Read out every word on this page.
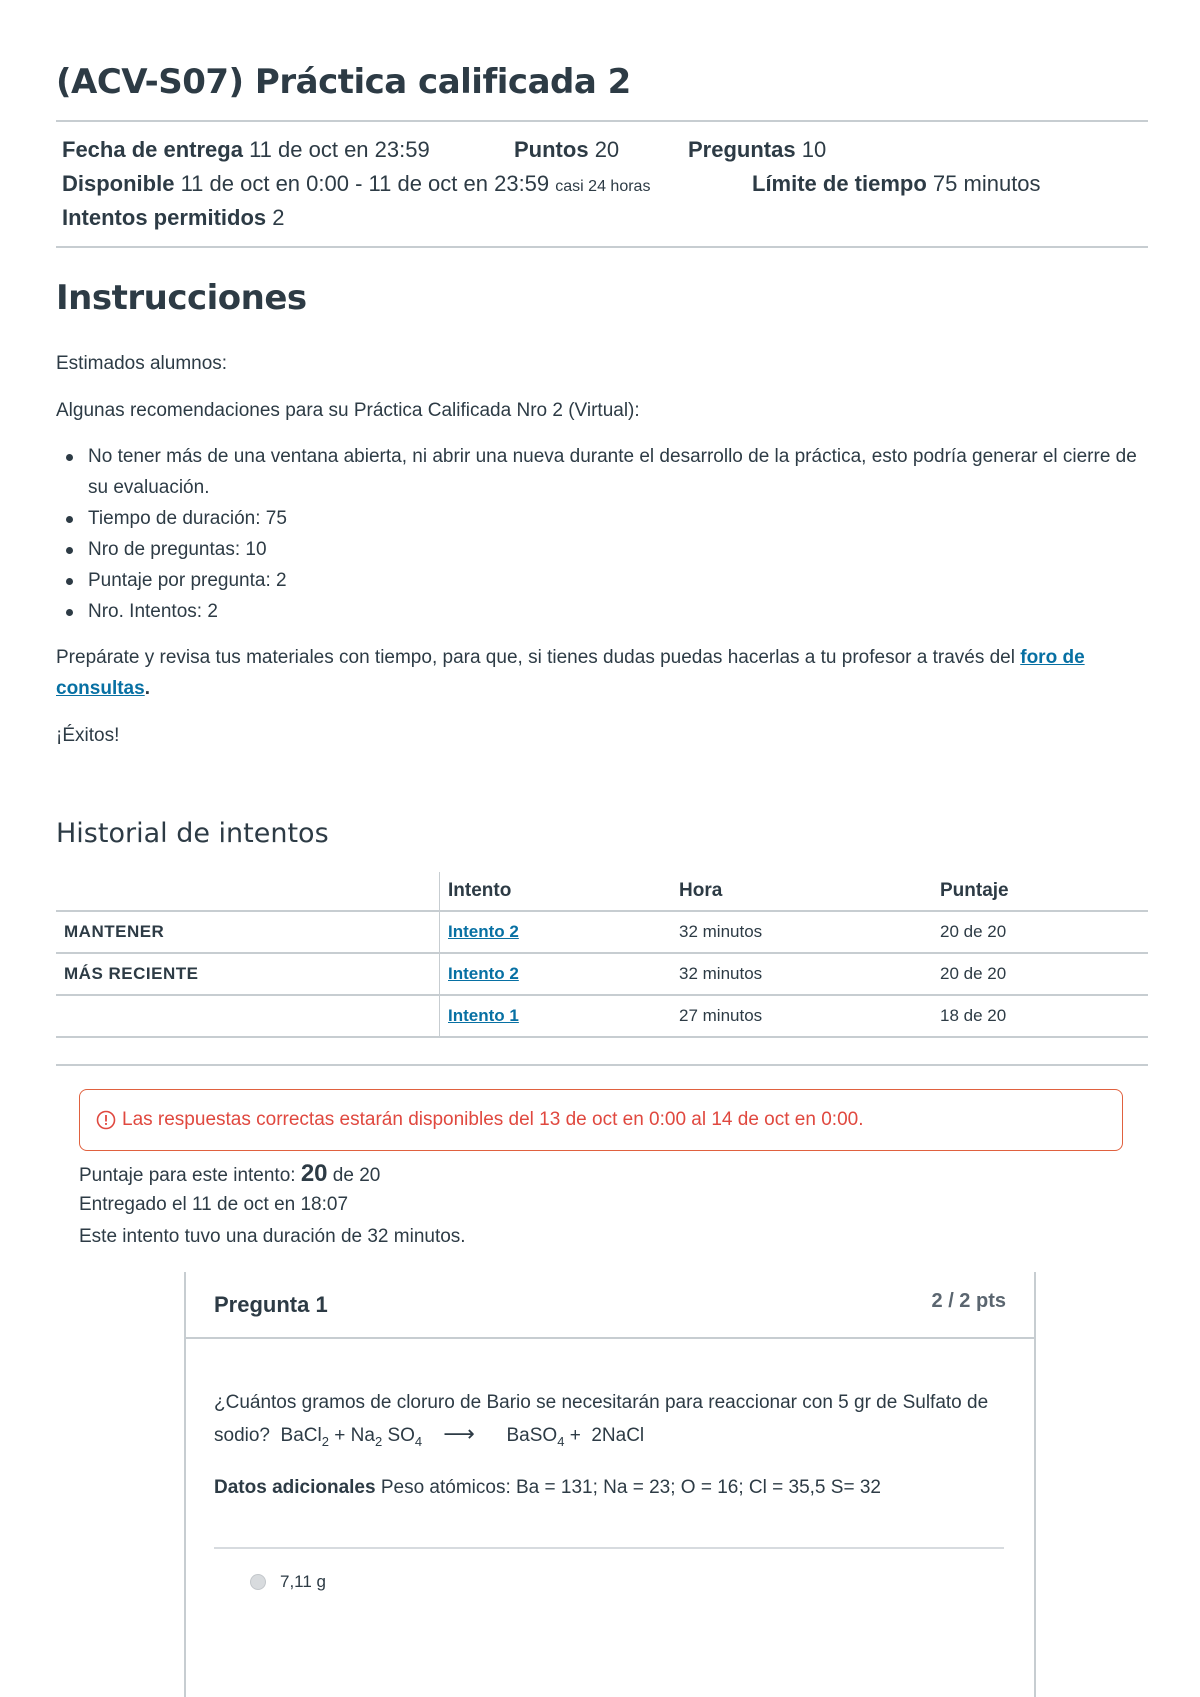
(ACV-S07) Práctica calificada 2
Fecha de entrega 11 de oct en 23:59	Puntos 20	Preguntas 10
Disponible 11 de oct en 0:00 - 11 de oct en 23:59 casi 24 horas	Límite de tiempo 75 minutos
Intentos permitidos 2
Instrucciones

Estimados alumnos:

Algunas recomendaciones para su Práctica Calificada Nro 2 (Virtual):

No tener más de una ventana abierta, ni abrir una nueva durante el desarrollo de la práctica, esto podría generar el cierre de su evaluación.
Tiempo de duración: 75
Nro de preguntas: 10
Puntaje por pregunta: 2
Nro. Intentos: 2

Prepárate y revisa tus materiales con tiempo, para que, si tienes dudas puedas hacerlas a tu profesor a través del foro de consultas.

¡Éxitos!

Historial de intentos
	Intento	Hora	Puntaje
MANTENER	Intento 2	32 minutos	20 de 20
MÁS RECIENTE	Intento 2	32 minutos	20 de 20
	Intento 1	27 minutos	18 de 20
Las respuestas correctas estarán disponibles del 13 de oct en 0:00 al 14 de oct en 0:00.
Puntaje para este intento: 20 de 20
Entregado el 11 de oct en 18:07
Este intento tuvo una duración de 32 minutos.
Pregunta 1	2 / 2 pts
¿Cuántos gramos de cloruro de Bario se necesitarán para reaccionar con 5 gr de Sulfato de sodio?  BaCl$_2$ + $Na_2$ $SO_4$ ⟶      BaSO$_4$ +  2NaCl
Datos adicionales Peso atómicos: Ba = 131; Na = 23; O = 16; Cl = 35,5 S= 32
7,11 g
